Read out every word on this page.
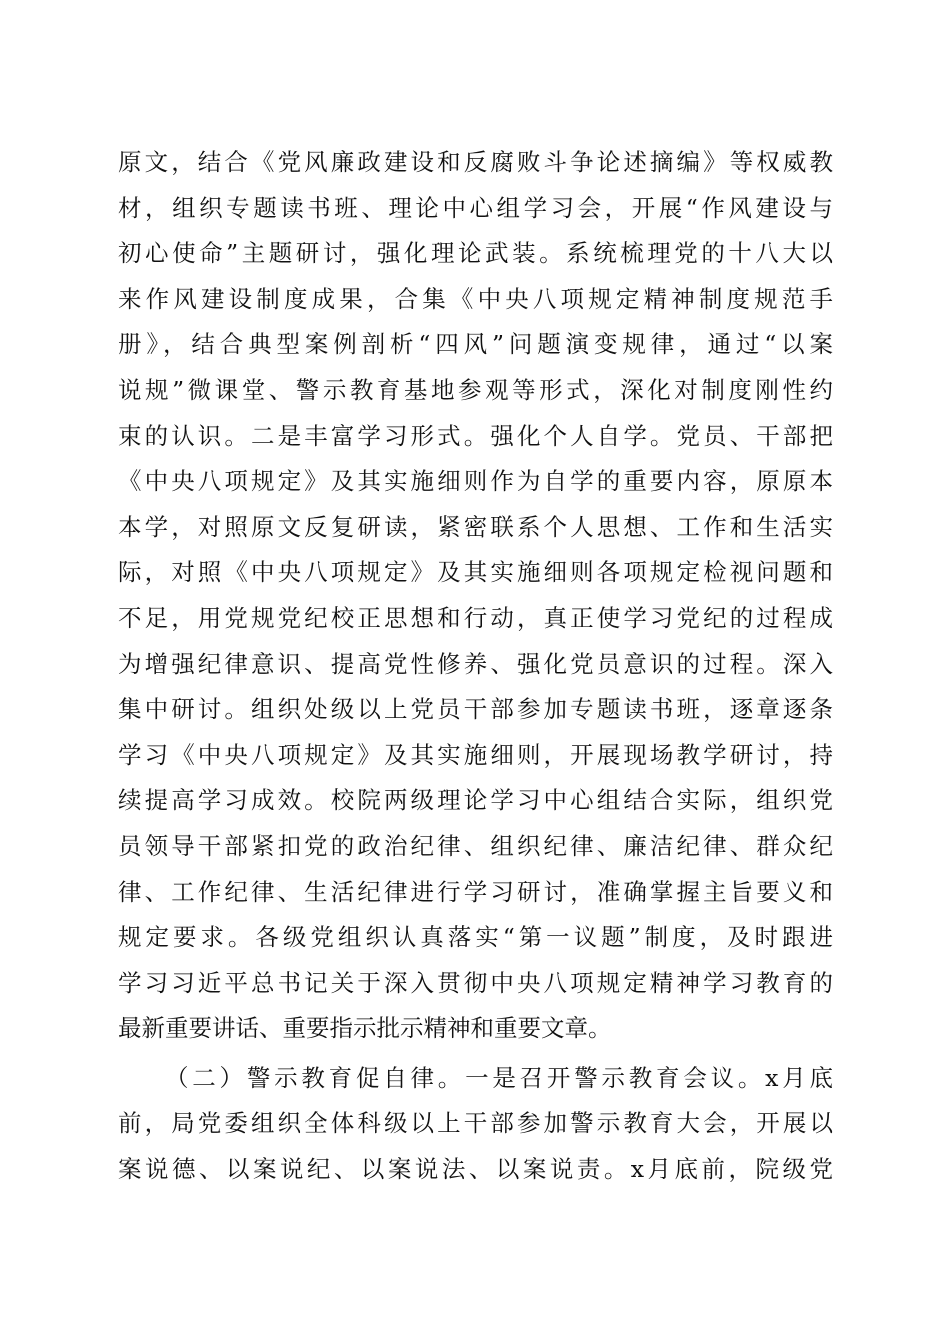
原文，结合《党风廉政建设和反腐败斗争论述摘编》等权威教
材，组织专题读书班、理论中心组学习会，开展“作风建设与
初心使命”主题研讨，强化理论武装。系统梳理党的十八大以
来作风建设制度成果，合集《中央八项规定精神制度规范手
册》，结合典型案例剖析“四风”问题演变规律，通过“以案
说规”微课堂、警示教育基地参观等形式，深化对制度刚性约
束的认识。二是丰富学习形式。强化个人自学。党员、干部把
《中央八项规定》及其实施细则作为自学的重要内容，原原本
本学，对照原文反复研读，紧密联系个人思想、工作和生活实
际，对照《中央八项规定》及其实施细则各项规定检视问题和
不足，用党规党纪校正思想和行动，真正使学习党纪的过程成
为增强纪律意识、提高党性修养、强化党员意识的过程。深入
集中研讨。组织处级以上党员干部参加专题读书班，逐章逐条
学习《中央八项规定》及其实施细则，开展现场教学研讨，持
续提高学习成效。校院两级理论学习中心组结合实际，组织党
员领导干部紧扣党的政治纪律、组织纪律、廉洁纪律、群众纪
律、工作纪律、生活纪律进行学习研讨，准确掌握主旨要义和
规定要求。各级党组织认真落实“第一议题”制度，及时跟进
学习习近平总书记关于深入贯彻中央八项规定精神学习教育的
最新重要讲话、重要指示批示精神和重要文章。
（二）警示教育促自律。一是召开警示教育会议。x月底
前，局党委组织全体科级以上干部参加警示教育大会，开展以
案说德、以案说纪、以案说法、以案说责。x月底前，院级党
